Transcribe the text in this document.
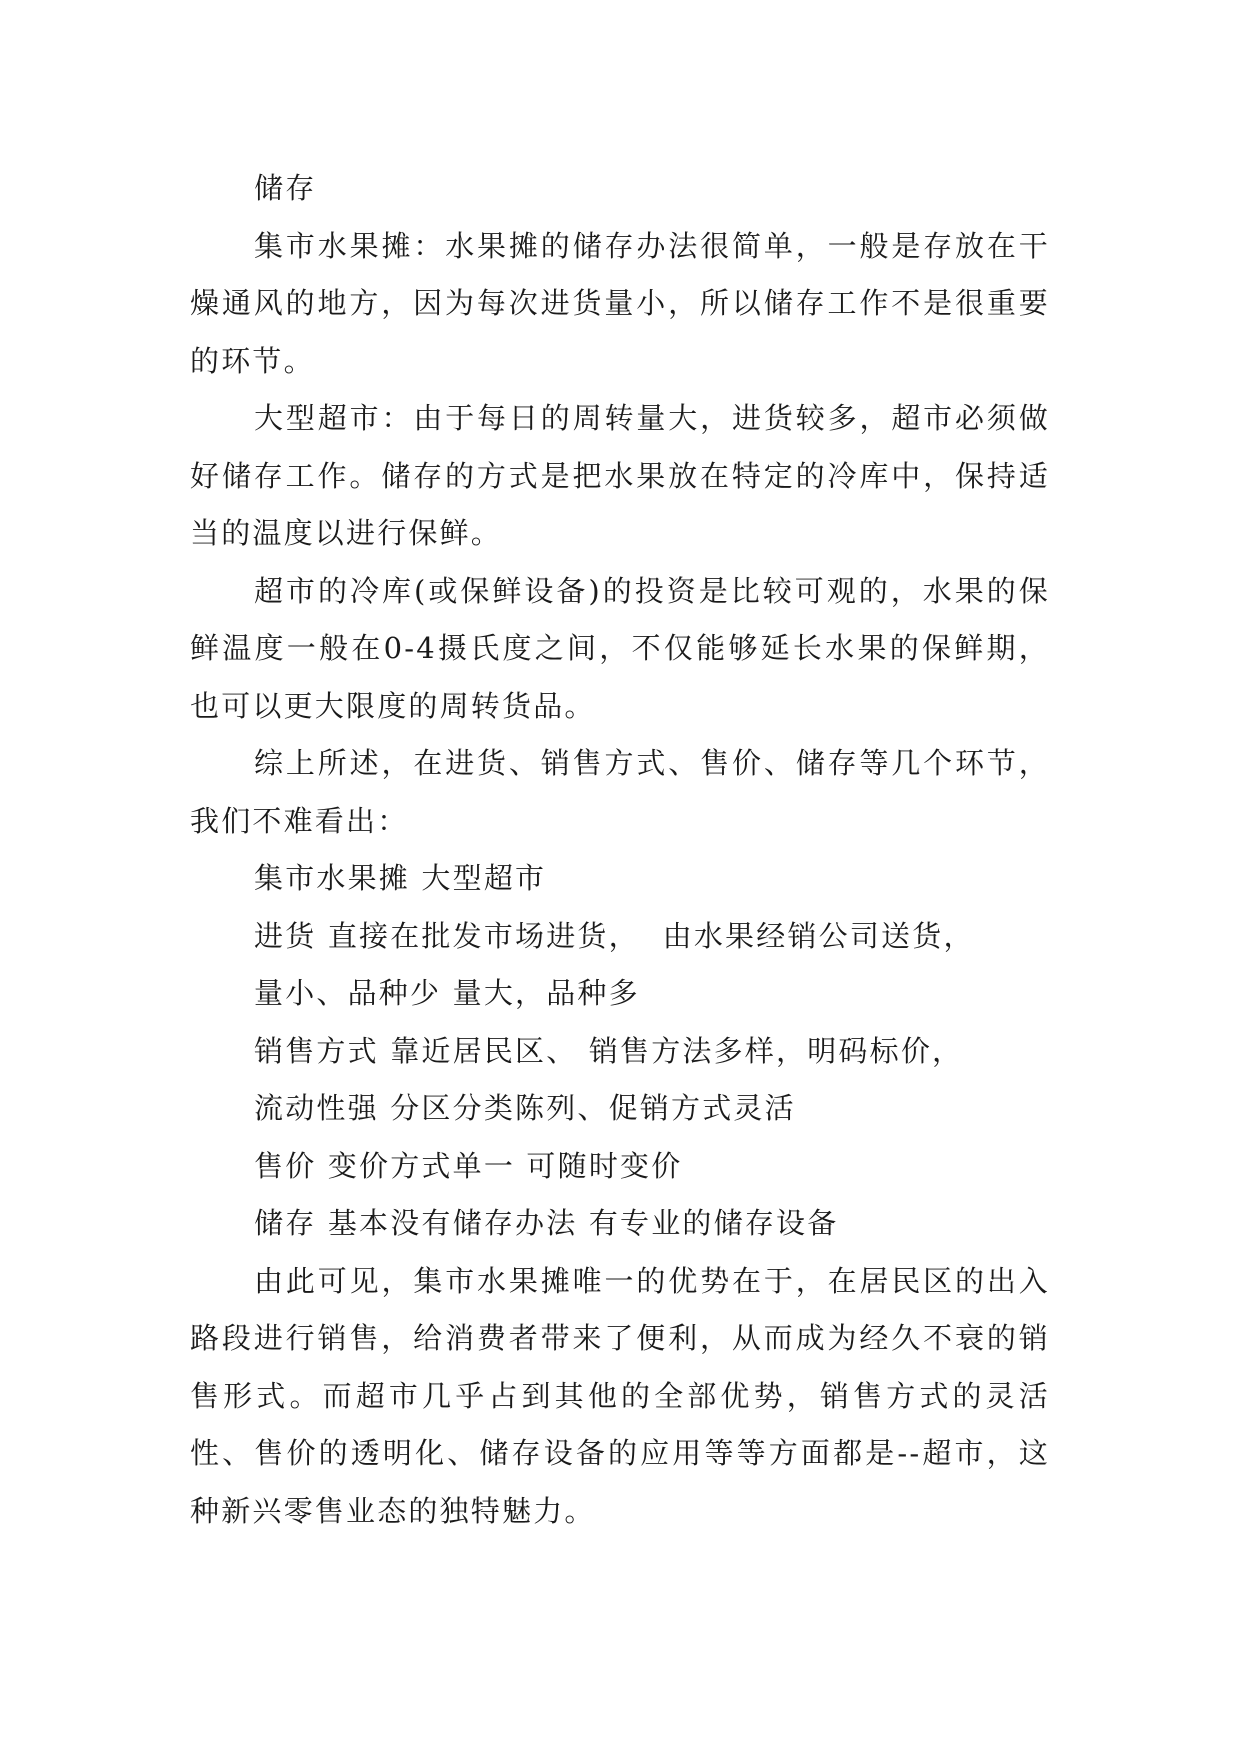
储存

集市水果摊：水果摊的储存办法很简单，一般是存放在干燥通风的地方，因为每次进货量小，所以储存工作不是很重要的环节。

大型超市：由于每日的周转量大，进货较多，超市必须做好储存工作。储存的方式是把水果放在特定的冷库中，保持适当的温度以进行保鲜。

超市的冷库(或保鲜设备)的投资是比较可观的，水果的保鲜温度一般在0-4摄氏度之间，不仅能够延长水果的保鲜期，也可以更大限度的周转货品。

综上所述，在进货、销售方式、售价、储存等几个环节，我们不难看出：

集市水果摊 大型超市

进货 直接在批发市场进货，  由水果经销公司送货，

量小、品种少 量大，品种多

销售方式 靠近居民区、 销售方法多样，明码标价，

流动性强 分区分类陈列、促销方式灵活

售价 变价方式单一 可随时变价

储存 基本没有储存办法 有专业的储存设备

由此可见，集市水果摊唯一的优势在于，在居民区的出入路段进行销售，给消费者带来了便利，从而成为经久不衰的销售形式。而超市几乎占到其他的全部优势，销售方式的灵活性、售价的透明化、储存设备的应用等等方面都是--超市，这种新兴零售业态的独特魅力。
